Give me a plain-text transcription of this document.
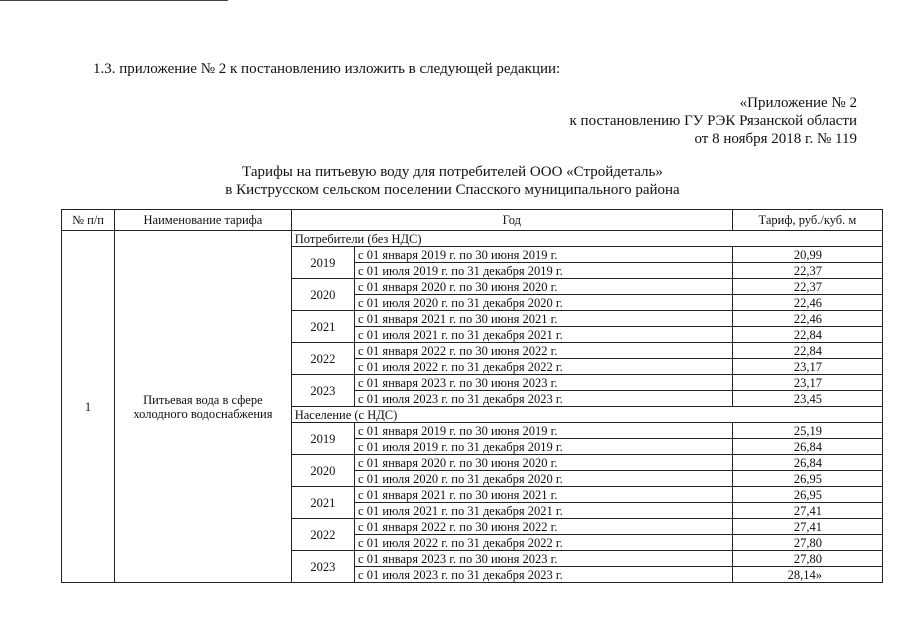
1.3. приложение № 2 к постановлению изложить в следующей редакции:
«Приложение № 2
к постановлению ГУ РЭК Рязанской области
от 8 ноября 2018 г. № 119
Тарифы на питьевую воду для потребителей ООО «Стройдеталь»
в Киструсском сельском поселении Спасского муниципального района
№ п/п	Наименование тарифа	Год		Тариф, руб./куб. м
1	Питьевая вода в сфере холодного водоснабжения	Потребители (без НДС)		
		2019	с 01 января 2019 г. по 30 июня 2019 г.	20,99
			с 01 июля 2019 г. по 31 декабря 2019 г.	22,37
		2020	с 01 января 2020 г. по 30 июня 2020 г.	22,37
			с 01 июля 2020 г. по 31 декабря 2020 г.	22,46
		2021	с 01 января 2021 г. по 30 июня 2021 г.	22,46
			с 01 июля 2021 г. по 31 декабря 2021 г.	22,84
		2022	с 01 января 2022 г. по 30 июня 2022 г.	22,84
			с 01 июля 2022 г. по 31 декабря 2022 г.	23,17
		2023	с 01 января 2023 г. по 30 июня 2023 г.	23,17
			с 01 июля 2023 г. по 31 декабря 2023 г.	23,45
		Население (с НДС)		
		2019	с 01 января 2019 г. по 30 июня 2019 г.	25,19
			с 01 июля 2019 г. по 31 декабря 2019 г.	26,84
		2020	с 01 января 2020 г. по 30 июня 2020 г.	26,84
			с 01 июля 2020 г. по 31 декабря 2020 г.	26,95
		2021	с 01 января 2021 г. по 30 июня 2021 г.	26,95
			с 01 июля 2021 г. по 31 декабря 2021 г.	27,41
		2022	с 01 января 2022 г. по 30 июня 2022 г.	27,41
			с 01 июля 2022 г. по 31 декабря 2022 г.	27,80
		2023	с 01 января 2023 г. по 30 июня 2023 г.	27,80
			с 01 июля 2023 г. по 31 декабря 2023 г.	28,14»
